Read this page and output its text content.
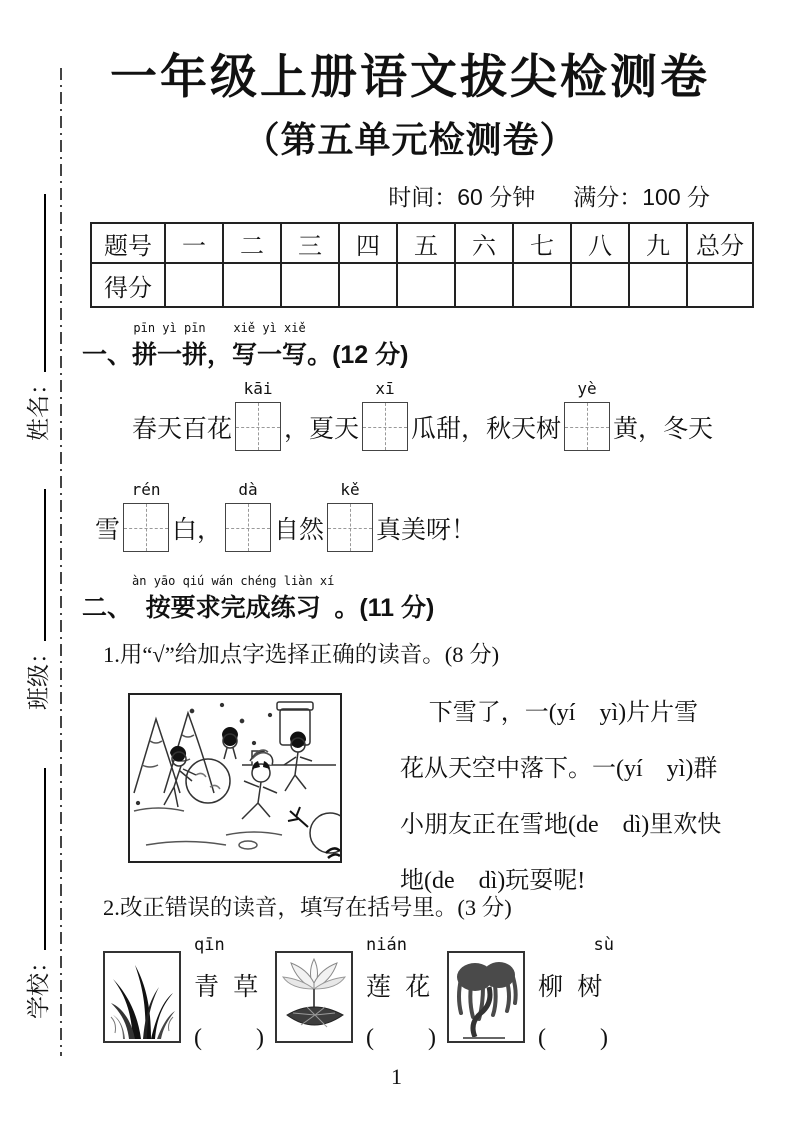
姓名：
班级：
学校：
一年级上册语文拔尖检测卷
（第五单元检测卷）
时间：60 分钟 满分：100 分
题号	一	二	三	四	五	六	七	八	九	总分
得分										
一、
pīn yì pīn
拼一拼 ，
xiě yì xiě
写一写 。(12 分)
春天百花
kāi
，夏天
xī
瓜甜，秋天树
yè
黄，冬天
雪
rén
白，
dà
自然
kě
真美呀！
二、
àn yāo qiú wán chéng liàn xí
按要求完成练习 。(11 分)
1.用“√”给加点字选择正确的读音。(8 分)
下雪了，一(yí　yì)片片雪
花从天空中落下。一(yí　yì)群
小朋友正在雪地(de　dì)里欢快
地(de　dì)玩耍呢!
2.改正错误的读音，填写在括号里。(3 分)
qīn
青 草
(　　)
nián
莲 花
(　　)
sù
柳 树
(　　)
1
